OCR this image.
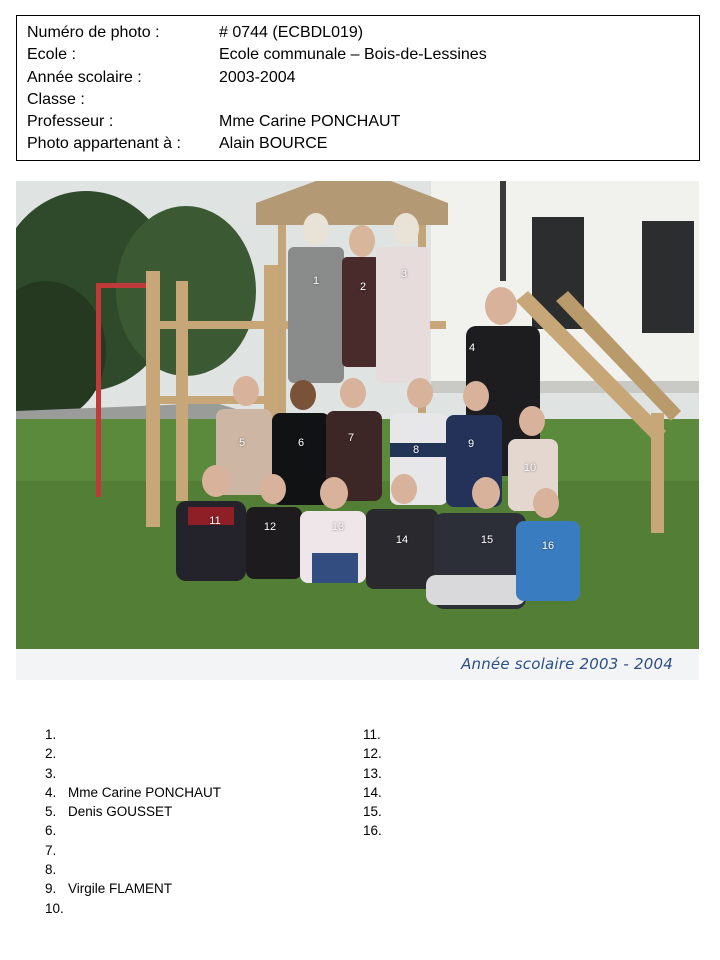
Numéro de photo :	# 0744 (ECBDL019)
Ecole :	Ecole communale – Bois-de-Lessines
Année scolaire :	2003-2004
Classe :
Professeur :	Mme Carine PONCHAUT
Photo appartenant à :	Alain BOURCE
1	2
3
4
5	6	7
8	9
10
11	12	13
14	15	16
Année scolaire 2003 - 2004
1.
2.
3.
4. Mme Carine PONCHAUT
5. Denis GOUSSET
6.
7.
8.
9. Virgile FLAMENT
10.
11.
12.
13.
14.
15.
16.
